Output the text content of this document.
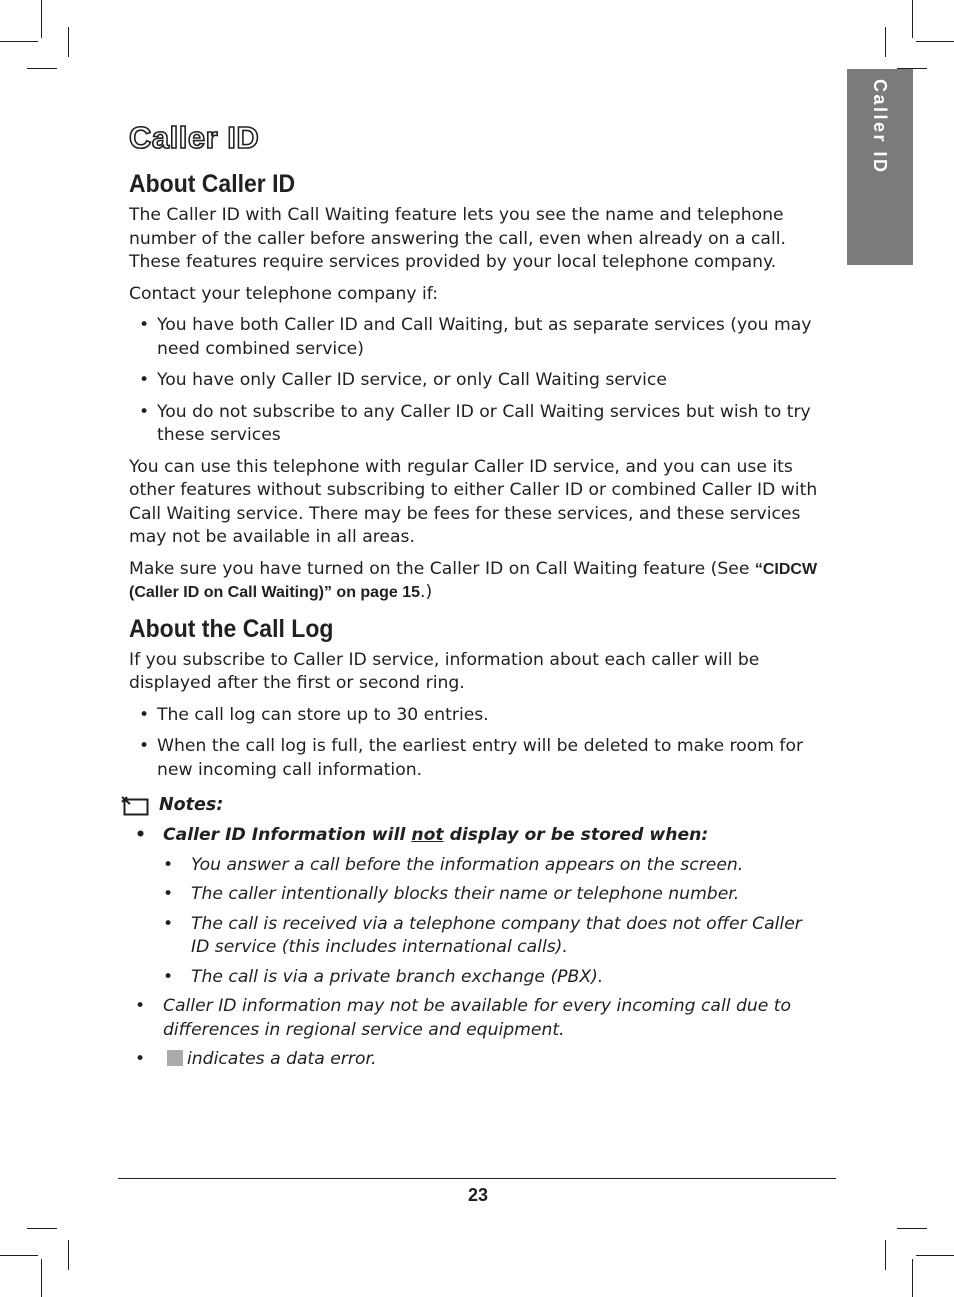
Caller ID
Caller ID
About Caller ID

The Caller ID with Call Waiting feature lets you see the name and telephone number of the caller before answering the call, even when already on a call. These features require services provided by your local telephone company.

Contact your telephone company if:

• You have both Caller ID and Call Waiting, but as separate services (you may need combined service)
• You have only Caller ID service, or only Call Waiting service
• You do not subscribe to any Caller ID or Call Waiting services but wish to try these services

You can use this telephone with regular Caller ID service, and you can use its other features without subscribing to either Caller ID or combined Caller ID with Call Waiting service. There may be fees for these services, and these services may not be available in all areas.

Make sure you have turned on the Caller ID on Call Waiting feature (See “CIDCW (Caller ID on Call Waiting)” on page 15.)

About the Call Log

If you subscribe to Caller ID service, information about each caller will be displayed after the first or second ring.

• The call log can store up to 30 entries.
• When the call log is full, the earliest entry will be deleted to make room for new incoming call information.
Notes:
• Caller ID Information will not display or be stored when:
• You answer a call before the information appears on the screen.
• The caller intentionally blocks their name or telephone number.
• The call is received via a telephone company that does not offer Caller ID service (this includes international calls).
• The call is via a private branch exchange (PBX).
• Caller ID information may not be available for every incoming call due to differences in regional service and equipment.
• indicates a data error.
23
